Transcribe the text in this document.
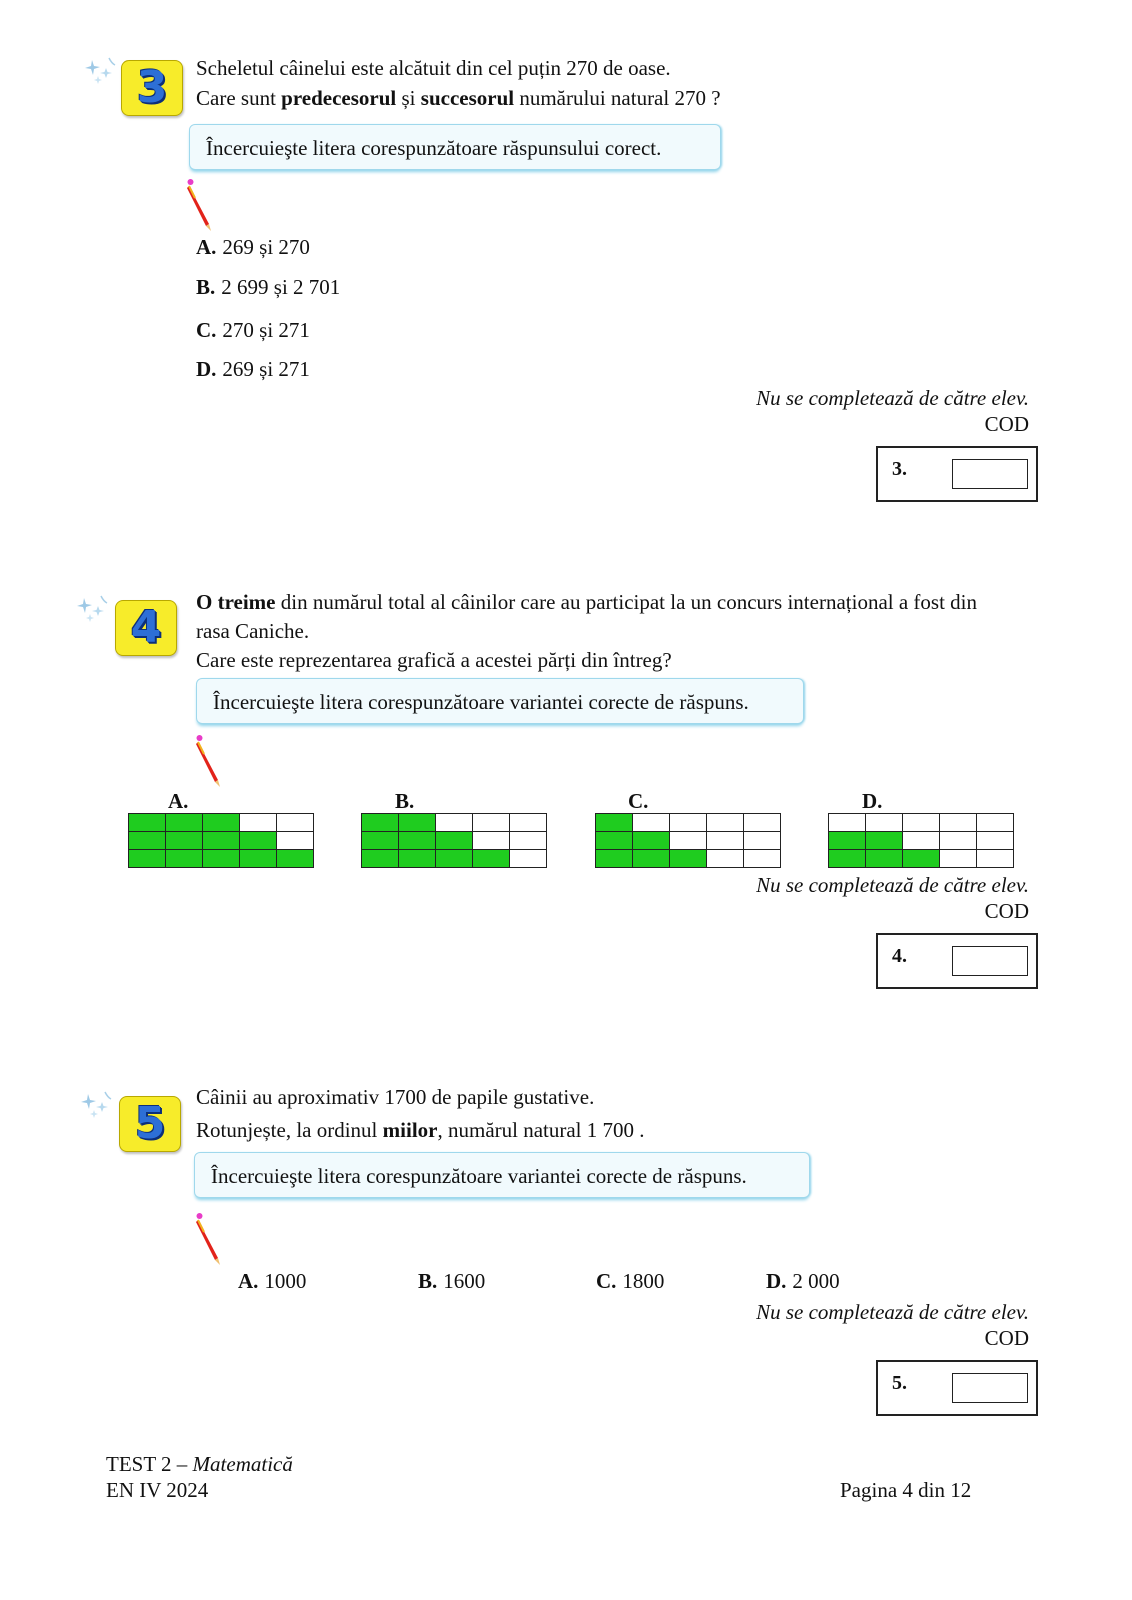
3	Scheletul câinelui este alcătuit din cel puțin 270 de oase.
Care sunt predecesorul și succesorul numărului natural 270 ?
Încercuieşte litera corespunzătoare răspunsului corect.
A. 269 și 270
B. 2 699 și 2 701
C. 270 și 271
D. 269 și 271
Nu se completează de către elev.
COD
3.
4	O treime din numărul total al câinilor care au participat la un concurs internațional a fost din
rasa Caniche.
Care este reprezentarea grafică a acestei părți din întreg?
Încercuieşte litera corespunzătoare variantei corecte de răspuns.
A.

					B.

					C.

					D.

Nu se completează de către elev.
COD
4.
5
Câinii au aproximativ 1700 de papile gustative.
Rotunjește, la ordinul miilor, numărul natural 1 700 .
Încercuieşte litera corespunzătoare variantei corecte de răspuns.
A. 1000	B. 1600	C. 1800	D. 2 000
Nu se completează de către elev.
COD
5.
TEST 2 – Matematică
EN IV 2024	Pagina 4 din 12
